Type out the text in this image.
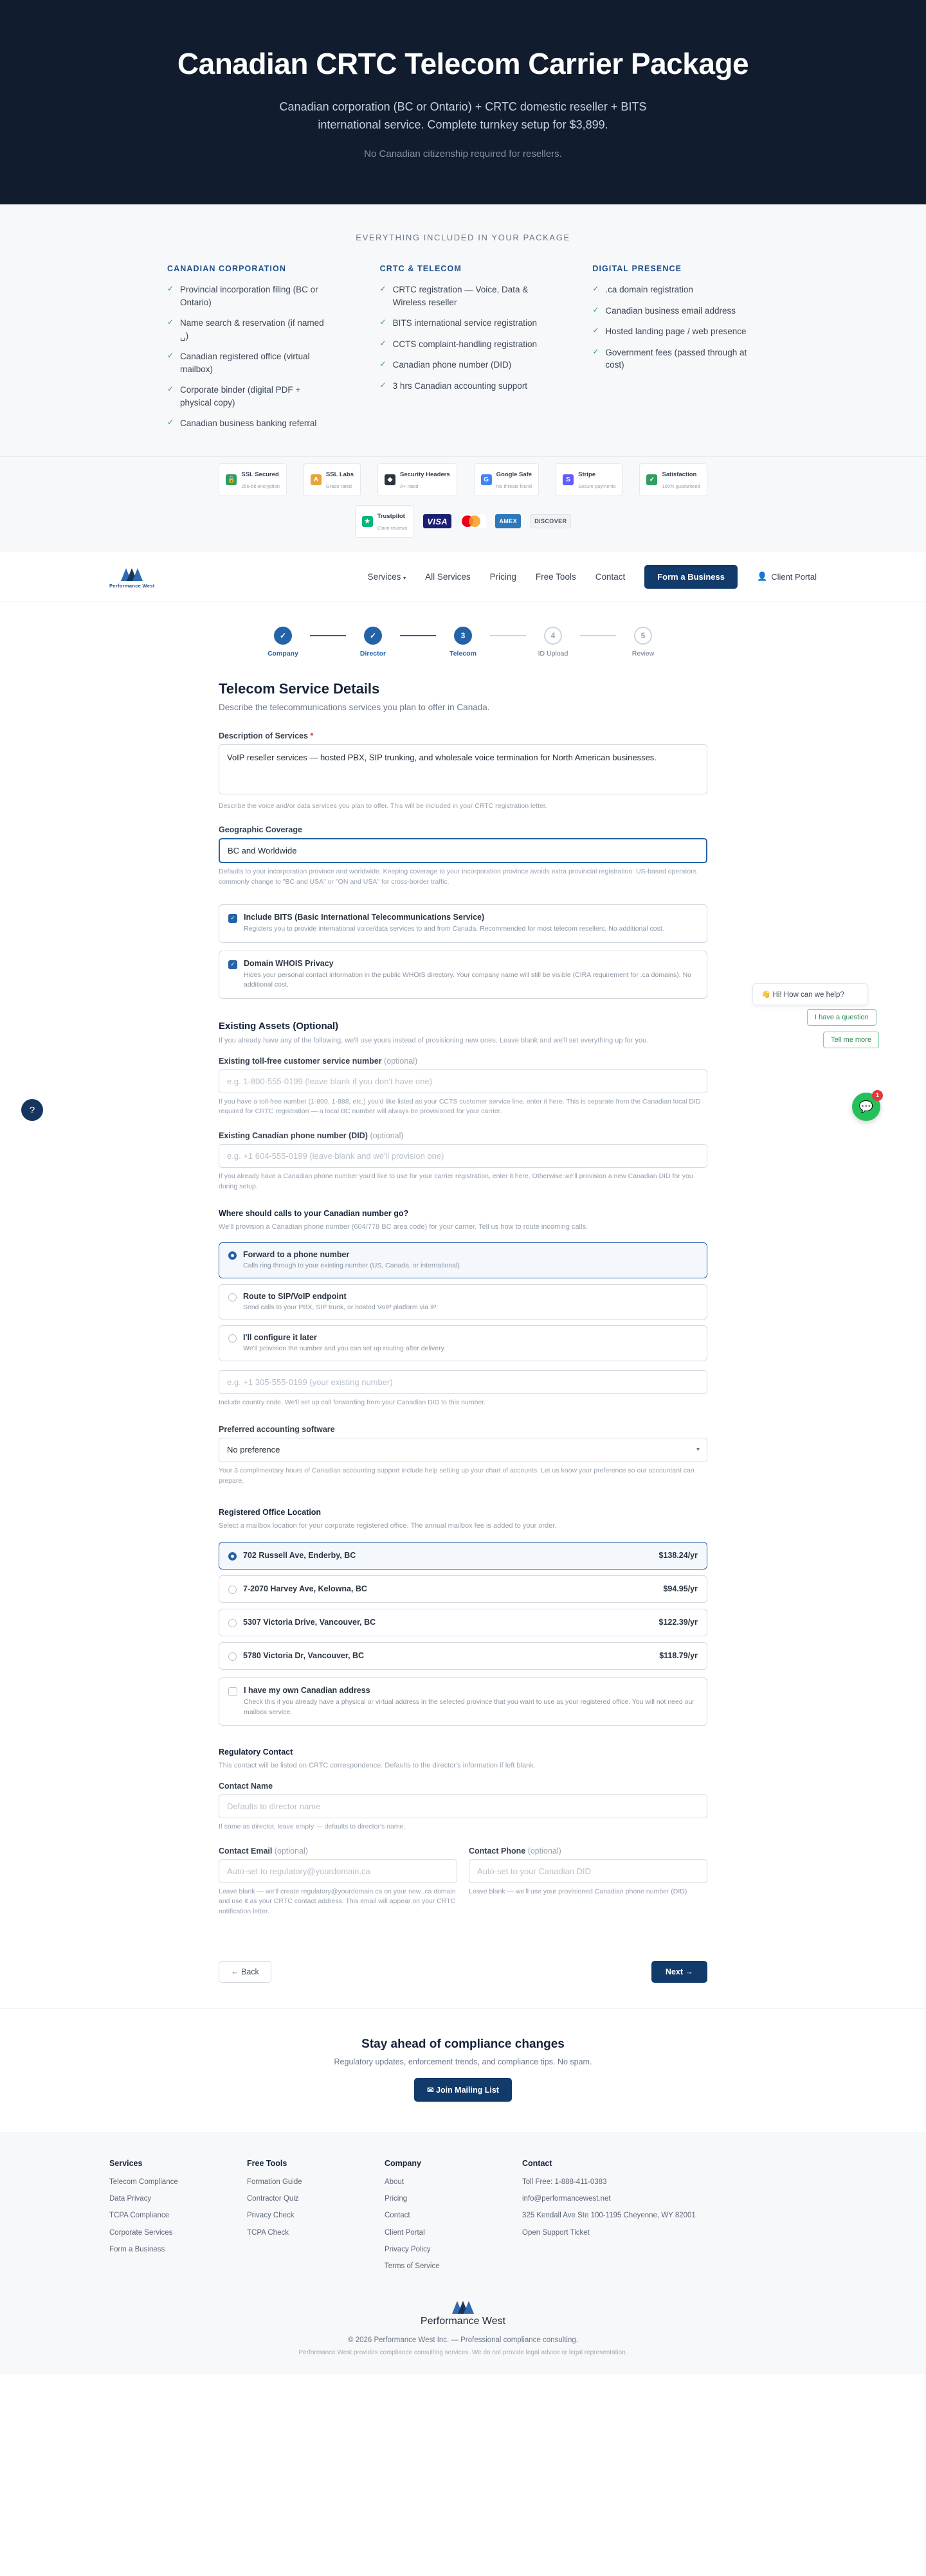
Canadian CRTC Telecom Carrier Package

Canadian corporation (BC or Ontario) + CRTC domestic reseller + BITS international service. Complete turnkey setup for $3,899.

No Canadian citizenship required for resellers.

EVERYTHING INCLUDED IN YOUR PACKAGE
CANADIAN CORPORATION
✓ Provincial incorporation filing (BC or Ontario)
✓ Name search & reservation (if named ␣)
✓ Canadian registered office (virtual mailbox)
✓ Corporate binder (digital PDF + physical copy)
✓ Canadian business banking referral
CRTC & TELECOM
✓ CRTC registration — Voice, Data & Wireless reseller
✓ BITS international service registration
✓ CCTS complaint-handling registration
✓ Canadian phone number (DID)
✓ 3 hrs Canadian accounting support
DIGITAL PRESENCE
✓ .ca domain registration
✓ Canadian business email address
✓ Hosted landing page / web presence
✓ Government fees (passed through at cost)
🔒
SSL Secured
256-bit encryption
A
SSL Labs
Grade rated
◆
Security Headers
A+ rated
G
Google Safe
No threats found
S
Stripe
Secure payments
✓
Satisfaction
100% guaranteed
★
Trustpilot
Claim reviews
VISA	AMEX	DISCOVER
Performance West
Services ▾ All Services Pricing Free Tools Contact	Form a Business	👤 Client Portal
✓
Company
✓
Director
3
Telecom
4
ID Upload
5
Review
Telecom Service Details

Describe the telecommunications services you plan to offer in Canada.

Description of Services *
VoIP reseller services — hosted PBX, SIP trunking, and wholesale voice termination for North American businesses.
Describe the voice and/or data services you plan to offer. This will be included in your CRTC registration letter.
Geographic Coverage
BC and Worldwide
Defaults to your incorporation province and worldwide. Keeping coverage to your incorporation province avoids extra provincial registration. US-based operators commonly change to "BC and USA" or "ON and USA" for cross-border traffic.
✓ Include BITS (Basic International Telecommunications Service)
Registers you to provide international voice/data services to and from Canada. Recommended for most telecom resellers. No additional cost.
✓ Domain WHOIS Privacy
Hides your personal contact information in the public WHOIS directory. Your company name will still be visible (CIRA requirement for .ca domains). No additional cost.
Existing Assets (Optional)
If you already have any of the following, we'll use yours instead of provisioning new ones. Leave blank and we'll set everything up for you.
Existing toll-free customer service number (optional)
e.g. 1-800-555-0199 (leave blank if you don't have one)
If you have a toll-free number (1-800, 1-888, etc.) you'd like listed as your CCTS customer service line, enter it here. This is separate from the Canadian local DID required for CRTC registration — a local BC number will always be provisioned for your carrier.
Existing Canadian phone number (DID) (optional)
e.g. +1 604-555-0199 (leave blank and we'll provision one)
If you already have a Canadian phone number you'd like to use for your carrier registration, enter it here. Otherwise we'll provision a new Canadian DID for you during setup.
Where should calls to your Canadian number go?
We'll provision a Canadian phone number (604/778 BC area code) for your carrier. Tell us how to route incoming calls.
Forward to a phone number
Calls ring through to your existing number (US, Canada, or international).
Route to SIP/VoIP endpoint
Send calls to your PBX, SIP trunk, or hosted VoIP platform via IP.
I'll configure it later
We'll provision the number and you can set up routing after delivery.
e.g. +1 305-555-0199 (your existing number)
Include country code. We'll set up call forwarding from your Canadian DID to this number.
Preferred accounting software
No preference
▾
Your 3 complimentary hours of Canadian accounting support include help setting up your chart of accounts. Let us know your preference so our accountant can prepare.
Registered Office Location
Select a mailbox location for your corporate registered office. The annual mailbox fee is added to your order.
702 Russell Ave, Enderby, BC	$138.24/yr
7-2070 Harvey Ave, Kelowna, BC	$94.95/yr
5307 Victoria Drive, Vancouver, BC	$122.39/yr
5780 Victoria Dr, Vancouver, BC	$118.79/yr
I have my own Canadian address
Check this if you already have a physical or virtual address in the selected province that you want to use as your registered office. You will not need our mailbox service.
Regulatory Contact
This contact will be listed on CRTC correspondence. Defaults to the director's information if left blank.
Contact Name
Defaults to director name
If same as director, leave empty — defaults to director's name.
Contact Email (optional)
Auto-set to regulatory@yourdomain.ca
Leave blank — we'll create regulatory@yourdomain.ca on your new .ca domain and use it as your CRTC contact address. This email will appear on your CRTC notification letter.
Contact Phone (optional)
Auto-set to your Canadian DID
Leave blank — we'll use your provisioned Canadian phone number (DID).
← Back	Next →
👋 Hi! How can we help?
I have a question
Tell me more
💬
1
?
Stay ahead of compliance changes

Regulatory updates, enforcement trends, and compliance tips. No spam.

✉ Join Mailing List
Services
Telecom Compliance
Data Privacy
TCPA Compliance
Corporate Services
Form a Business
Free Tools
Formation Guide
Contractor Quiz
Privacy Check
TCPA Check
Company
About
Pricing
Contact
Client Portal
Privacy Policy
Terms of Service
Contact
Toll Free: 1-888-411-0383
info@performancewest.net
325 Kendall Ave Ste 100-1195 Cheyenne, WY 82001
Open Support Ticket
Performance West
© 2026 Performance West Inc. — Professional compliance consulting.
Performance West provides compliance consulting services. We do not provide legal advice or legal representation.
